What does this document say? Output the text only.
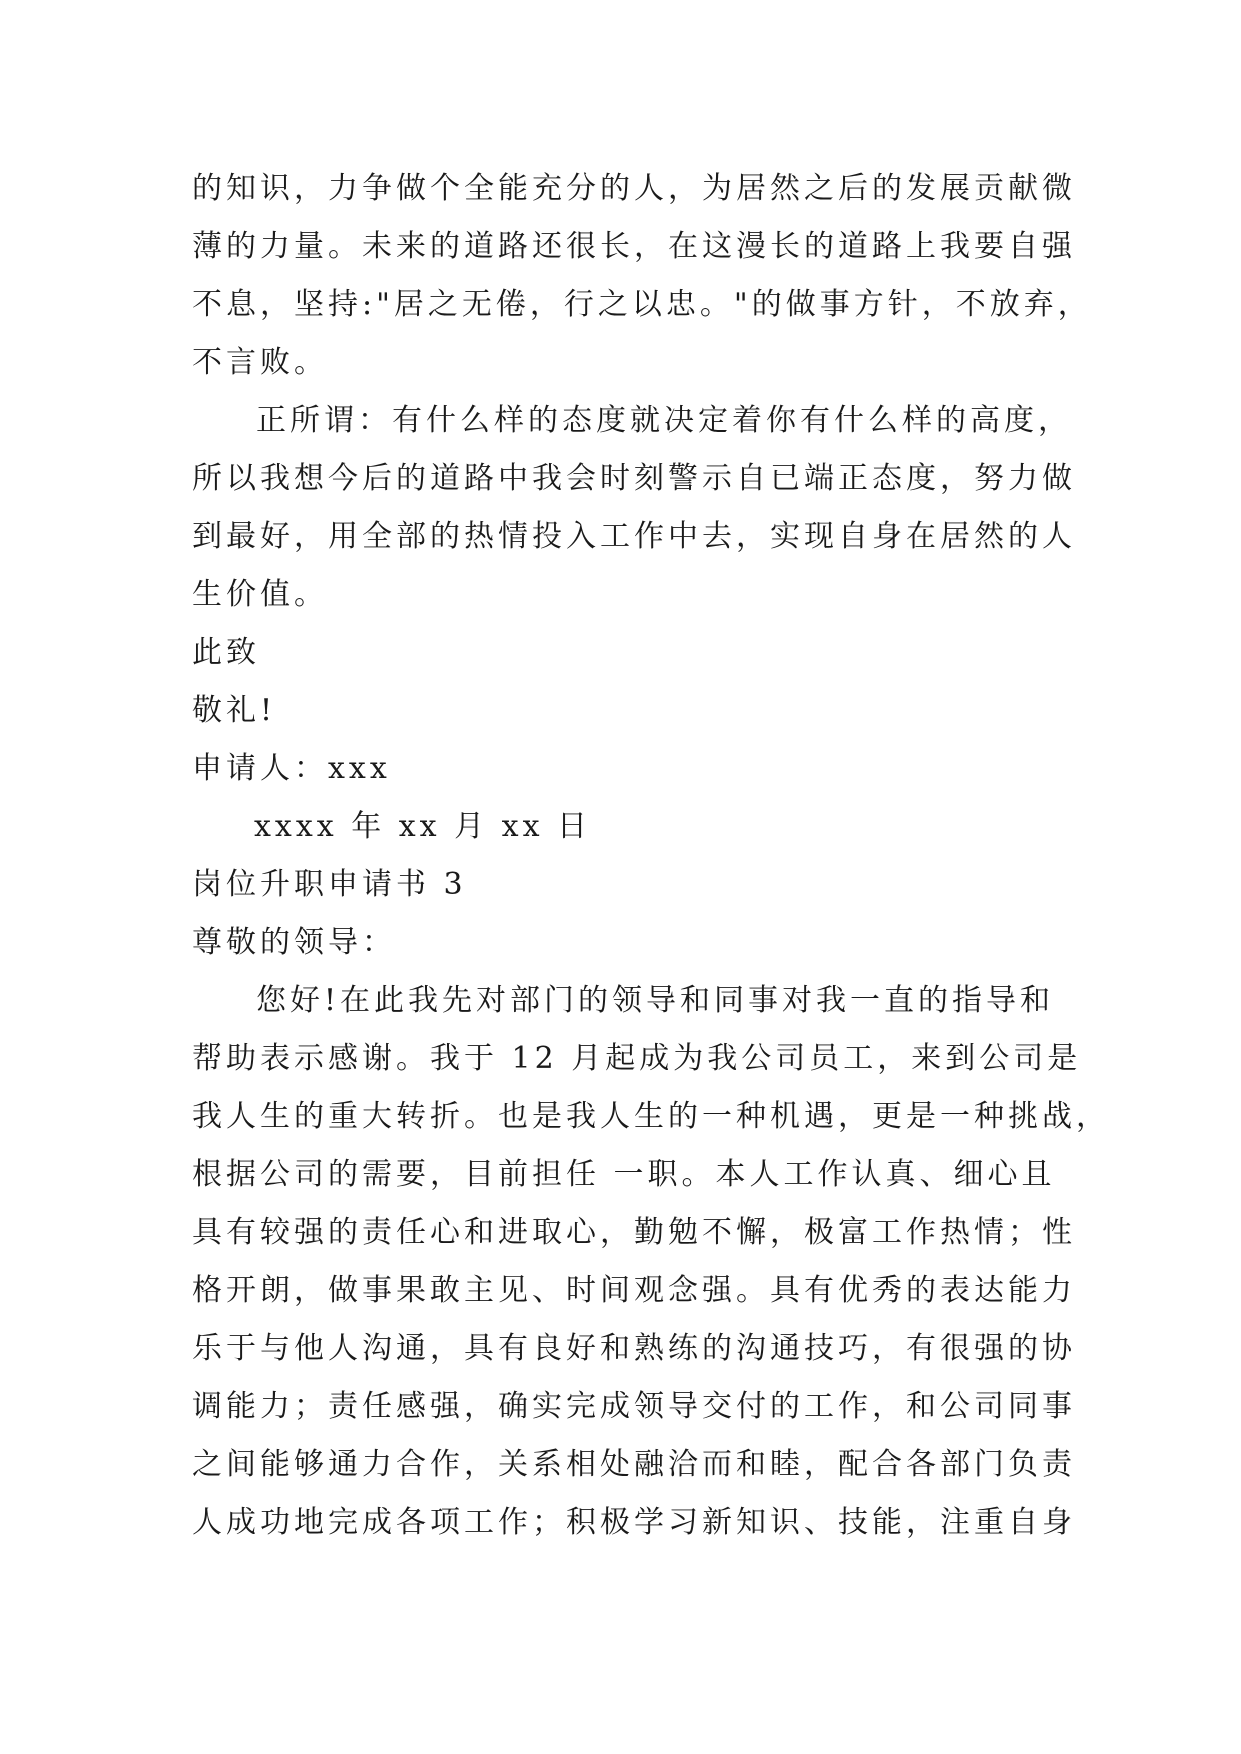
的知识，力争做个全能充分的人，为居然之后的发展贡献微
薄的力量。未来的道路还很长，在这漫长的道路上我要自强
不息，坚持:"居之无倦，行之以忠。"的做事方针，不放弃，
不言败。
正所谓：有什么样的态度就决定着你有什么样的高度，
所以我想今后的道路中我会时刻警示自已端正态度，努力做
到最好，用全部的热情投入工作中去，实现自身在居然的人
生价值。
此致
敬礼!
申请人：xxx
xxxx 年 xx 月 xx 日
岗位升职申请书 3
尊敬的领导：
您好!在此我先对部门的领导和同事对我一直的指导和
帮助表示感谢。我于 12 月起成为我公司员工，来到公司是
我人生的重大转折。也是我人生的一种机遇，更是一种挑战，
根据公司的需要，目前担任 一职。本人工作认真、细心且
具有较强的责任心和进取心，勤勉不懈，极富工作热情；性
格开朗，做事果敢主见、时间观念强。具有优秀的表达能力
乐于与他人沟通，具有良好和熟练的沟通技巧，有很强的协
调能力；责任感强，确实完成领导交付的工作，和公司同事
之间能够通力合作，关系相处融洽而和睦，配合各部门负责
人成功地完成各项工作；积极学习新知识、技能，注重自身
